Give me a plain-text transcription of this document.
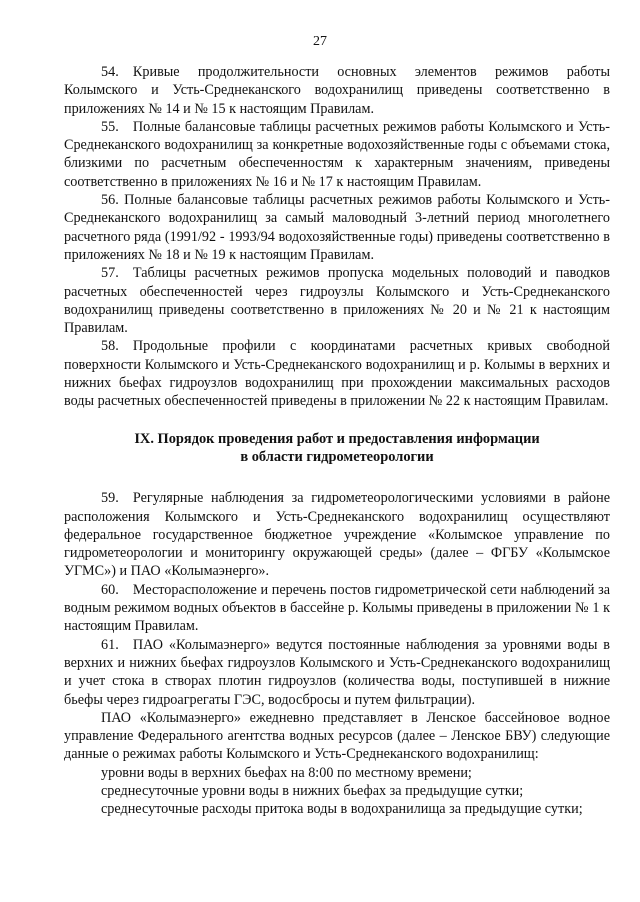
27

54. Кривые продолжительности основных элементов режимов работы Колымского и Усть-Среднеканского водохранилищ приведены соответственно в приложениях № 14 и № 15 к настоящим Правилам.

55. Полные балансовые таблицы расчетных режимов работы Колымского и Усть-Среднеканского водохранилищ за конкретные водохозяйственные годы с объемами стока, близкими по расчетным обеспеченностям к характерным значениям, приведены соответственно в приложениях № 16 и № 17 к настоящим Правилам.

56. Полные балансовые таблицы расчетных режимов работы Колымского и Усть-Среднеканского водохранилищ за самый маловодный 3-летний период многолетнего расчетного ряда (1991/92 - 1993/94 водохозяйственные годы) приведены соответственно в приложениях № 18 и № 19 к настоящим Правилам.

57. Таблицы расчетных режимов пропуска модельных половодий и паводков расчетных обеспеченностей через гидроузлы Колымского и Усть-Среднеканского водохранилищ приведены соответственно в приложениях № 20 и № 21 к настоящим Правилам.

58. Продольные профили с координатами расчетных кривых свободной поверхности Колымского и Усть-Среднеканского водохранилищ и р. Колымы в верхних и нижних бьефах гидроузлов водохранилищ при прохождении максимальных расходов воды расчетных обеспеченностей приведены в приложении № 22 к настоящим Правилам.

IX. Порядок проведения работ и предоставления информации
в области гидрометеорологии

59. Регулярные наблюдения за гидрометеорологическими условиями в районе расположения Колымского и Усть-Среднеканского водохранилищ осуществляют федеральное государственное бюджетное учреждение «Колымское управление по гидрометеорологии и мониторингу окружающей среды» (далее – ФГБУ «Колымское УГМС») и ПАО «Колымаэнерго».

60. Месторасположение и перечень постов гидрометрической сети наблюдений за водным режимом водных объектов в бассейне р. Колымы приведены в приложении № 1 к настоящим Правилам.

61. ПАО «Колымаэнерго» ведутся постоянные наблюдения за уровнями воды в верхних и нижних бьефах гидроузлов Колымского и Усть-Среднеканского водохранилищ и учет стока в створах плотин гидроузлов (количества воды, поступившей в нижние бьефы через гидроагрегаты ГЭС, водосбросы и путем фильтрации).

ПАО «Колымаэнерго» ежедневно представляет в Ленское бассейновое водное управление Федерального агентства водных ресурсов (далее – Ленское БВУ) следующие данные о режимах работы Колымского и Усть-Среднеканского водохранилищ:

уровни воды в верхних бьефах на 8:00 по местному времени;

среднесуточные уровни воды в нижних бьефах за предыдущие сутки;

среднесуточные расходы притока воды в водохранилища за предыдущие сутки;
